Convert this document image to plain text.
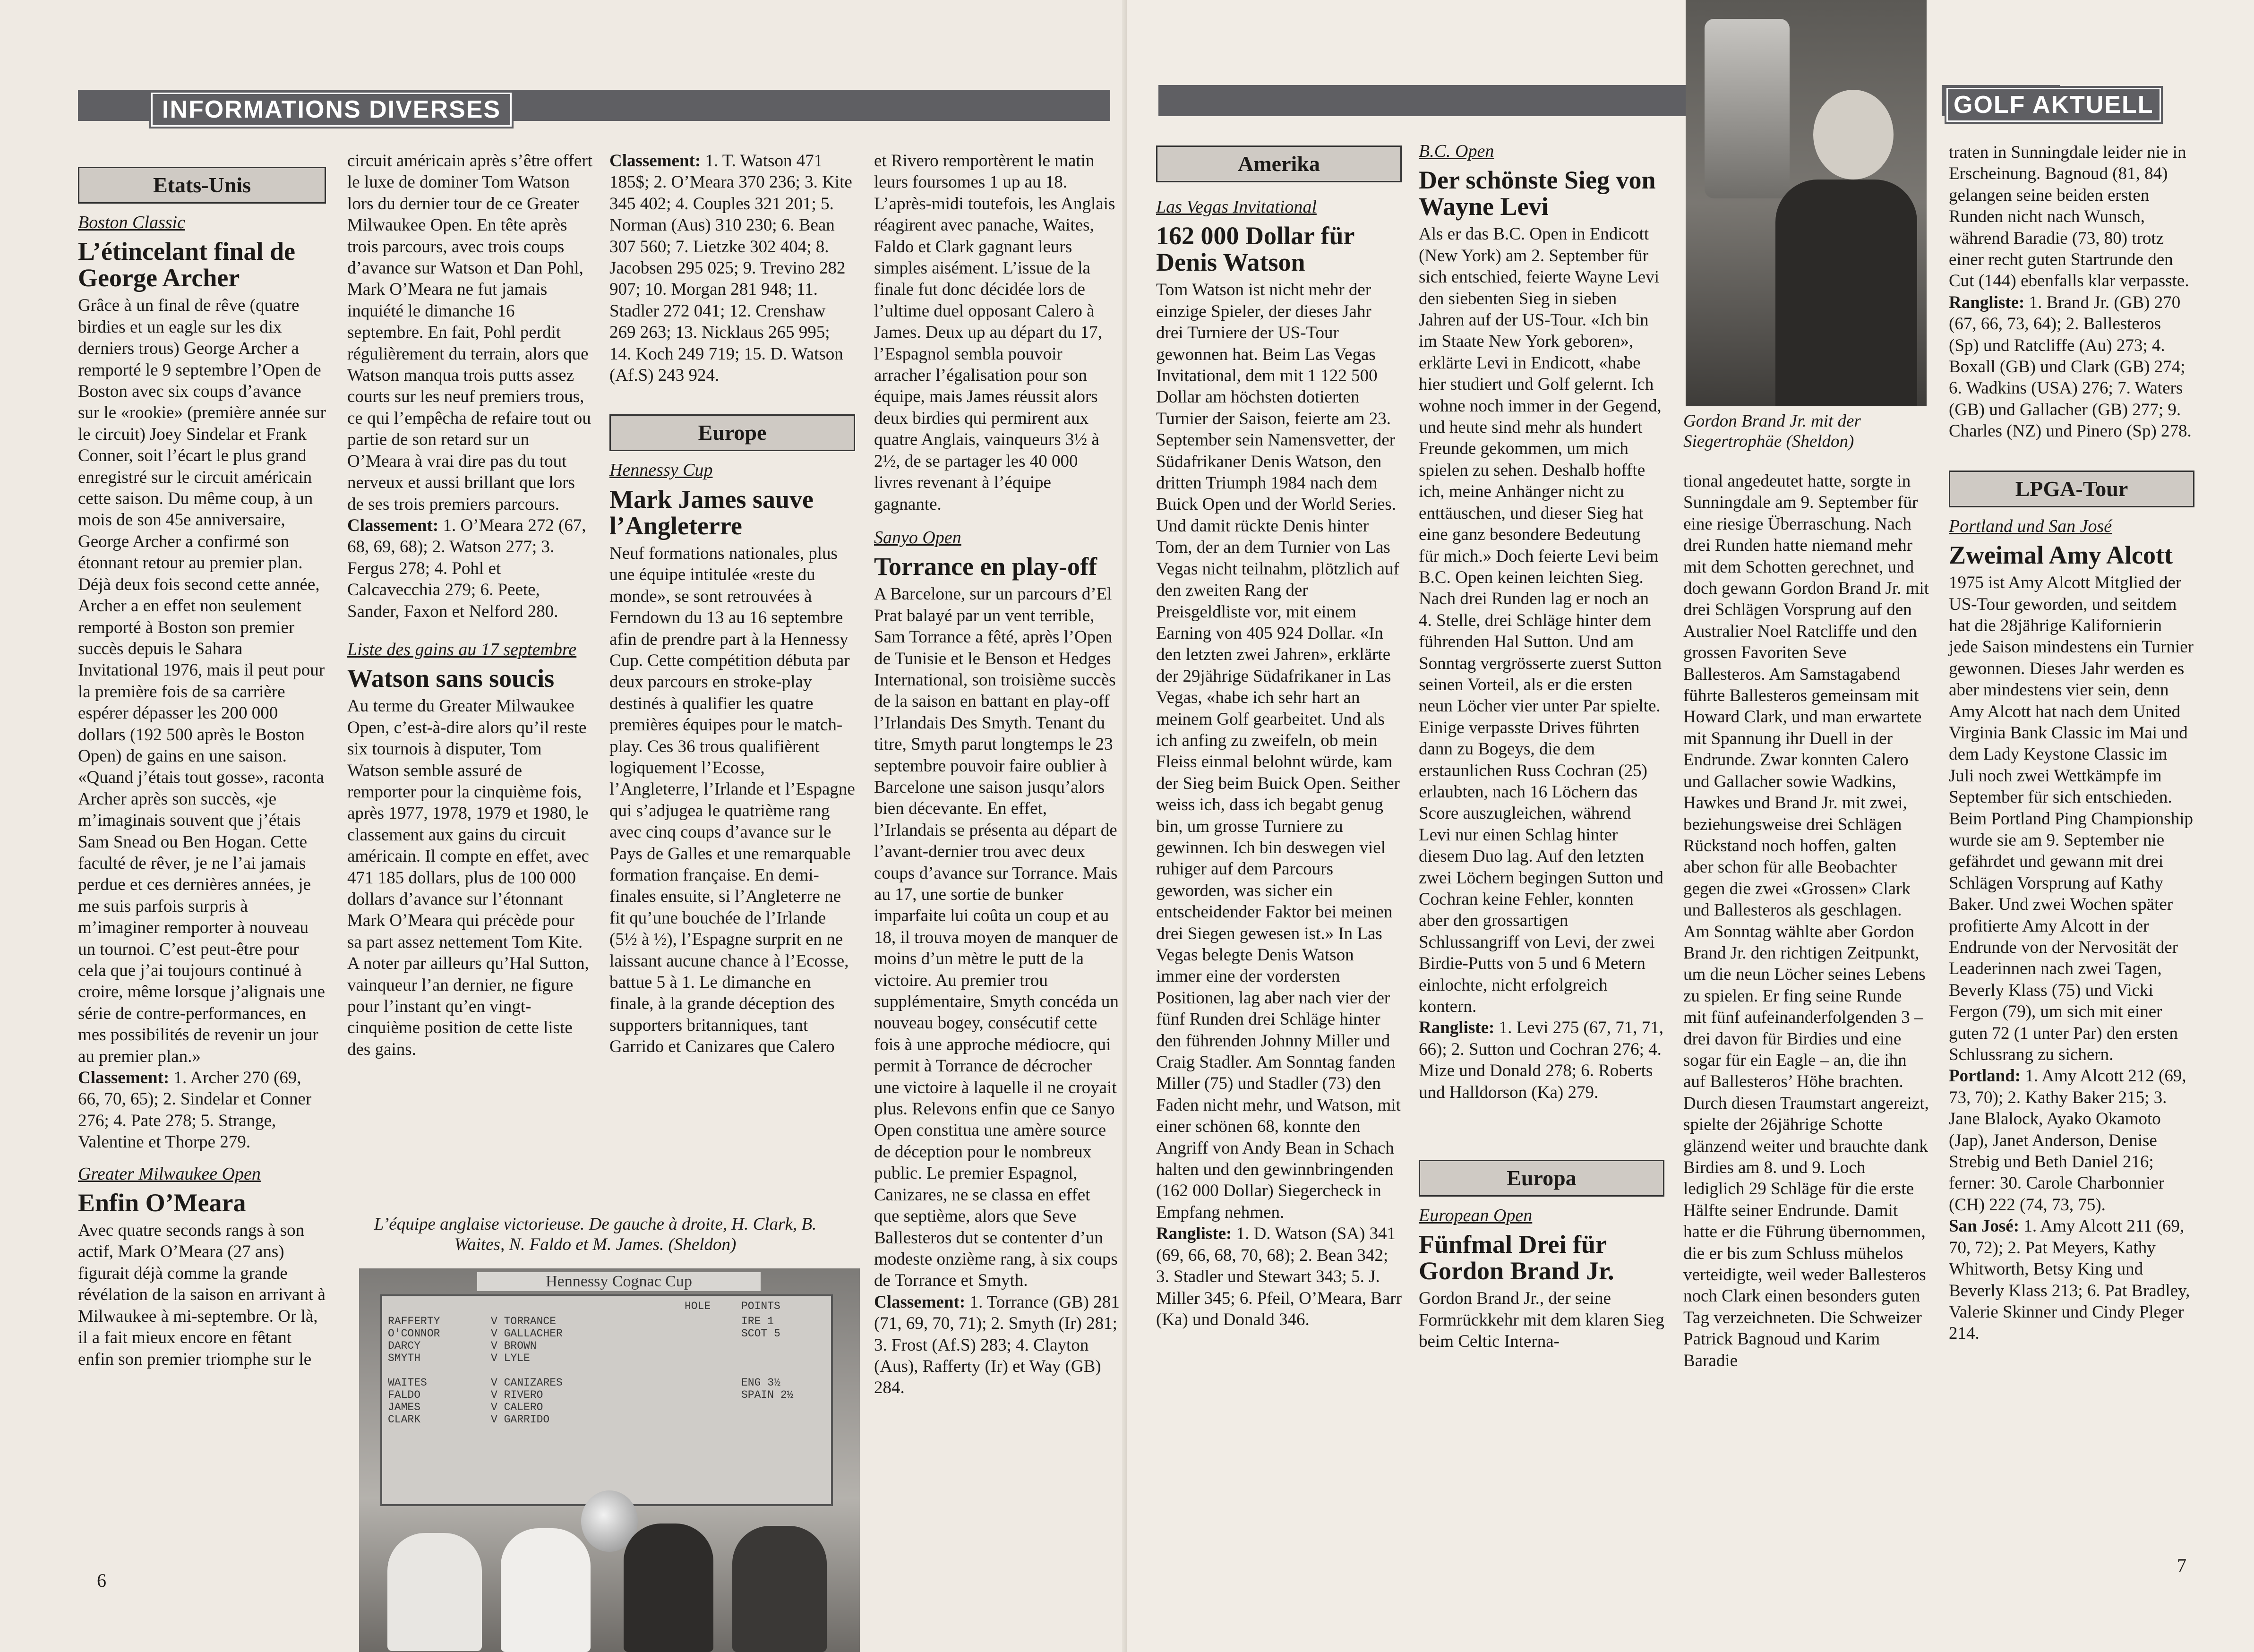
INFORMATIONS DIVERSES
Etats-Unis
Boston Classic
L’étincelant final de George Archer

Grâce à un final de rêve (quatre birdies et un eagle sur les dix derniers trous) George Archer a remporté le 9 septembre l’Open de Boston avec six coups d’avance sur le «rookie» (première année sur le circuit) Joey Sindelar et Frank Conner, soit l’écart le plus grand enregistré sur le circuit américain cette saison. Du même coup, à un mois de son 45e anniversaire, George Archer a confirmé son étonnant retour au premier plan. Déjà deux fois second cette année, Archer a en effet non seulement remporté à Boston son premier succès depuis le Sahara Invitational 1976, mais il peut pour la première fois de sa carrière espérer dépasser les 200 000 dollars (192 500 après le Boston Open) de gains en une saison. «Quand j’étais tout gosse», raconta Archer après son succès, «je m’imaginais souvent que j’étais Sam Snead ou Ben Hogan. Cette faculté de rêver, je ne l’ai jamais perdue et ces dernières années, je me suis parfois surpris à m’imaginer remporter à nouveau un tournoi. C’est peut-être pour cela que j’ai toujours continué à croire, même lorsque j’alignais une série de contre-performances, en mes possibilités de revenir un jour au premier plan.»

Classement: 1. Archer 270 (69, 66, 70, 65); 2. Sindelar et Conner 276; 4. Pate 278; 5. Strange, Valentine et Thorpe 279.

Greater Milwaukee Open
Enfin O’Meara

Avec quatre seconds rangs à son actif, Mark O’Meara (27 ans) figurait déjà comme la grande révélation de la saison en arrivant à Milwaukee à mi-septembre. Or là, il a fait mieux encore en fêtant enfin son premier triomphe sur le

circuit américain après s’être offert le luxe de dominer Tom Watson lors du dernier tour de ce Greater Milwaukee Open. En tête après trois parcours, avec trois coups d’avance sur Watson et Dan Pohl, Mark O’Meara ne fut jamais inquiété le dimanche 16 septembre. En fait, Pohl perdit régulièrement du terrain, alors que Watson manqua trois putts assez courts sur les neuf premiers trous, ce qui l’empêcha de refaire tout ou partie de son retard sur un O’Meara à vrai dire pas du tout nerveux et aussi brillant que lors de ses trois premiers parcours.

Classement: 1. O’Meara 272 (67, 68, 69, 68); 2. Watson 277; 3. Fergus 278; 4. Pohl et Calcavecchia 279; 6. Peete, Sander, Faxon et Nelford 280.

Liste des gains au 17 septembre
Watson sans soucis

Au terme du Greater Milwaukee Open, c’est-à-dire alors qu’il reste six tournois à disputer, Tom Watson semble assuré de remporter pour la cinquième fois, après 1977, 1978, 1979 et 1980, le classement aux gains du circuit américain. Il compte en effet, avec 471 185 dollars, plus de 100 000 dollars d’avance sur l’étonnant Mark O’Meara qui précède pour sa part assez nettement Tom Kite. A noter par ailleurs qu’Hal Sutton, vainqueur l’an dernier, ne figure pour l’instant qu’en vingt-cinquième position de cette liste des gains.

Classement: 1. T. Watson 471 185$; 2. O’Meara 370 236; 3. Kite 345 402; 4. Couples 321 201; 5. Norman (Aus) 310 230; 6. Bean 307 560; 7. Lietzke 302 404; 8. Jacobsen 295 025; 9. Trevino 282 907; 10. Morgan 281 948; 11. Stadler 272 041; 12. Crenshaw 269 263; 13. Nicklaus 265 995; 14. Koch 249 719; 15. D. Watson (Af.S) 243 924.

Europe
Hennessy Cup
Mark James sauve l’Angleterre

Neuf formations nationales, plus une équipe intitulée «reste du monde», se sont retrouvées à Ferndown du 13 au 16 septembre afin de prendre part à la Hennessy Cup. Cette compétition débuta par deux parcours en stroke-play destinés à qualifier les quatre premières équipes pour le match-play. Ces 36 trous qualifièrent logiquement l’Ecosse, l’Angleterre, l’Irlande et l’Espagne qui s’adjugea le quatrième rang avec cinq coups d’avance sur le Pays de Galles et une remarquable formation française. En demi-finales ensuite, si l’Angleterre ne fit qu’une bouchée de l’Irlande (5½ à ½), l’Espagne surprit en ne laissant aucune chance à l’Ecosse, battue 5 à 1. Le dimanche en finale, à la grande déception des supporters britanniques, tant Garrido et Canizares que Calero

et Rivero remportèrent le matin leurs foursomes 1 up au 18. L’après-midi toutefois, les Anglais réagirent avec panache, Waites, Faldo et Clark gagnant leurs simples aisément. L’issue de la finale fut donc décidée lors de l’ultime duel opposant Calero à James. Deux up au départ du 17, l’Espagnol sembla pouvoir arracher l’égalisation pour son équipe, mais James réussit alors deux birdies qui permirent aux quatre Anglais, vainqueurs 3½ à 2½, de se partager les 40 000 livres revenant à l’équipe gagnante.

Sanyo Open
Torrance en play-off

A Barcelone, sur un parcours d’El Prat balayé par un vent terrible, Sam Torrance a fêté, après l’Open de Tunisie et le Benson et Hedges International, son troisième succès de la saison en battant en play-off l’Irlandais Des Smyth. Tenant du titre, Smyth parut longtemps le 23 septembre pouvoir faire oublier à Barcelone une saison jusqu’alors bien décevante. En effet, l’Irlandais se présenta au départ de l’avant-dernier trou avec deux coups d’avance sur Torrance. Mais au 17, une sortie de bunker imparfaite lui coûta un coup et au 18, il trouva moyen de manquer de moins d’un mètre le putt de la victoire. Au premier trou supplémentaire, Smyth concéda un nouveau bogey, consécutif cette fois à une approche médiocre, qui permit à Torrance de décrocher une victoire à laquelle il ne croyait plus. Relevons enfin que ce Sanyo Open constitua une amère source de déception pour le nombreux public. Le premier Espagnol, Canizares, ne se classa en effet que septième, alors que Seve Ballesteros dut se contenter d’un modeste onzième rang, à six coups de Torrance et Smyth.

Classement: 1. Torrance (GB) 281 (71, 69, 70, 71); 2. Smyth (Ir) 281; 3. Frost (Af.S) 283; 4. Clayton (Aus), Rafferty (Ir) et Way (GB) 284.

L’équipe anglaise victorieuse. De gauche à droite, H. Clark, B. Waites, N. Faldo et M. James. (Sheldon)
Hennessy Cognac Cup
HOLE	POINTS
RAFFERTY
O'CONNOR
DARCY
SMYTH

WAITES
FALDO
JAMES
CLARK
V TORRANCE
V GALLACHER
V BROWN
V LYLE

V CANIZARES
V RIVERO
V CALERO
V GARRIDO
IRE 1
SCOT 5

ENG 3½
SPAIN 2½

6
GOLF AKTUELL
Amerika
Las Vegas Invitational
162 000 Dollar für Denis Watson

Tom Watson ist nicht mehr der einzige Spieler, der dieses Jahr drei Turniere der US-Tour gewonnen hat. Beim Las Vegas Invitational, dem mit 1 122 500 Dollar am höchsten dotierten Turnier der Saison, feierte am 23. September sein Namensvetter, der Südafrikaner Denis Watson, den dritten Triumph 1984 nach dem Buick Open und der World Series. Und damit rückte Denis hinter Tom, der an dem Turnier von Las Vegas nicht teilnahm, plötzlich auf den zweiten Rang der Preisgeldliste vor, mit einem Earning von 405 924 Dollar. «In den letzten zwei Jahren», erklärte der 29jährige Südafrikaner in Las Vegas, «habe ich sehr hart an meinem Golf gearbeitet. Und als ich anfing zu zweifeln, ob mein Fleiss einmal belohnt würde, kam der Sieg beim Buick Open. Seither weiss ich, dass ich begabt genug bin, um grosse Turniere zu gewinnen. Ich bin deswegen viel ruhiger auf dem Parcours geworden, was sicher ein entscheidender Faktor bei meinen drei Siegen gewesen ist.» In Las Vegas belegte Denis Watson immer eine der vordersten Positionen, lag aber nach vier der fünf Runden drei Schläge hinter den führenden Johnny Miller und Craig Stadler. Am Sonntag fanden Miller (75) und Stadler (73) den Faden nicht mehr, und Watson, mit einer schönen 68, konnte den Angriff von Andy Bean in Schach halten und den gewinnbringenden (162 000 Dollar) Siegercheck in Empfang nehmen.

Rangliste: 1. D. Watson (SA) 341 (69, 66, 68, 70, 68); 2. Bean 342; 3. Stadler und Stewart 343; 5. J. Miller 345; 6. Pfeil, O’Meara, Barr (Ka) und Donald 346.

B.C. Open
Der schönste Sieg von Wayne Levi

Als er das B.C. Open in Endicott (New York) am 2. September für sich entschied, feierte Wayne Levi den siebenten Sieg in sieben Jahren auf der US-Tour. «Ich bin im Staate New York geboren», erklärte Levi in Endicott, «habe hier studiert und Golf gelernt. Ich wohne noch immer in der Gegend, und heute sind mehr als hundert Freunde gekommen, um mich spielen zu sehen. Deshalb hoffte ich, meine Anhänger nicht zu enttäuschen, und dieser Sieg hat eine ganz besondere Bedeutung für mich.» Doch feierte Levi beim B.C. Open keinen leichten Sieg. Nach drei Runden lag er noch an 4. Stelle, drei Schläge hinter dem führenden Hal Sutton. Und am Sonntag vergrösserte zuerst Sutton seinen Vorteil, als er die ersten neun Löcher vier unter Par spielte. Einige verpasste Drives führten dann zu Bogeys, die dem erstaunlichen Russ Cochran (25) erlaubten, nach 16 Löchern das Score auszugleichen, während Levi nur einen Schlag hinter diesem Duo lag. Auf den letzten zwei Löchern begingen Sutton und Cochran keine Fehler, konnten aber den grossartigen Schlussangriff von Levi, der zwei Birdie-Putts von 5 und 6 Metern einlochte, nicht erfolgreich kontern.

Rangliste: 1. Levi 275 (67, 71, 71, 66); 2. Sutton und Cochran 276; 4. Mize und Donald 278; 6. Roberts und Halldorson (Ka) 279.

Europa
European Open
Fünfmal Drei für Gordon Brand Jr.

Gordon Brand Jr., der seine Formrückkehr mit dem klaren Sieg beim Celtic Interna-

Gordon Brand Jr. mit der Siegertrophäe (Sheldon)

tional angedeutet hatte, sorgte in Sunningdale am 9. September für eine riesige Überraschung. Nach drei Runden hatte niemand mehr mit dem Schotten gerechnet, und doch gewann Gordon Brand Jr. mit drei Schlägen Vorsprung auf den Australier Noel Ratcliffe und den grossen Favoriten Seve Ballesteros. Am Samstagabend führte Ballesteros gemeinsam mit Howard Clark, und man erwartete mit Spannung ihr Duell in der Endrunde. Zwar konnten Calero und Gallacher sowie Wadkins, Hawkes und Brand Jr. mit zwei, beziehungsweise drei Schlägen Rückstand noch hoffen, galten aber schon für alle Beobachter gegen die zwei «Grossen» Clark und Ballesteros als geschlagen. Am Sonntag wählte aber Gordon Brand Jr. den richtigen Zeitpunkt, um die neun Löcher seines Lebens zu spielen. Er fing seine Runde mit fünf aufeinanderfolgenden 3 – drei davon für Birdies und eine sogar für ein Eagle – an, die ihn auf Ballesteros’ Höhe brachten. Durch diesen Traumstart angereizt, spielte der 26jährige Schotte glänzend weiter und brauchte dank Birdies am 8. und 9. Loch lediglich 29 Schläge für die erste Hälfte seiner Endrunde. Damit hatte er die Führung übernommen, die er bis zum Schluss mühelos verteidigte, weil weder Ballesteros noch Clark einen besonders guten Tag verzeichneten. Die Schweizer Patrick Bagnoud und Karim Baradie

traten in Sunningdale leider nie in Erscheinung. Bagnoud (81, 84) gelangen seine beiden ersten Runden nicht nach Wunsch, während Baradie (73, 80) trotz einer recht guten Startrunde den Cut (144) ebenfalls klar verpasste.

Rangliste: 1. Brand Jr. (GB) 270 (67, 66, 73, 64); 2. Ballesteros (Sp) und Ratcliffe (Au) 273; 4. Boxall (GB) und Clark (GB) 274; 6. Wadkins (USA) 276; 7. Waters (GB) und Gallacher (GB) 277; 9. Charles (NZ) und Pinero (Sp) 278.

LPGA-Tour
Portland und San José
Zweimal Amy Alcott

1975 ist Amy Alcott Mitglied der US-Tour geworden, und seitdem hat die 28jährige Kalifornierin jede Saison mindestens ein Turnier gewonnen. Dieses Jahr werden es aber mindestens vier sein, denn Amy Alcott hat nach dem United Virginia Bank Classic im Mai und dem Lady Keystone Classic im Juli noch zwei Wettkämpfe im September für sich entschieden. Beim Portland Ping Championship wurde sie am 9. September nie gefährdet und gewann mit drei Schlägen Vorsprung auf Kathy Baker. Und zwei Wochen später profitierte Amy Alcott in der Endrunde von der Nervosität der Leaderinnen nach zwei Tagen, Beverly Klass (75) und Vicki Fergon (79), um sich mit einer guten 72 (1 unter Par) den ersten Schlussrang zu sichern.

Portland: 1. Amy Alcott 212 (69, 73, 70); 2. Kathy Baker 215; 3. Jane Blalock, Ayako Okamoto (Jap), Janet Anderson, Denise Strebig und Beth Daniel 216; ferner: 30. Carole Charbonnier (CH) 222 (74, 73, 75).

San José: 1. Amy Alcott 211 (69, 70, 72); 2. Pat Meyers, Kathy Whitworth, Betsy King und Beverly Klass 213; 6. Pat Bradley, Valerie Skinner und Cindy Pleger 214.

7
